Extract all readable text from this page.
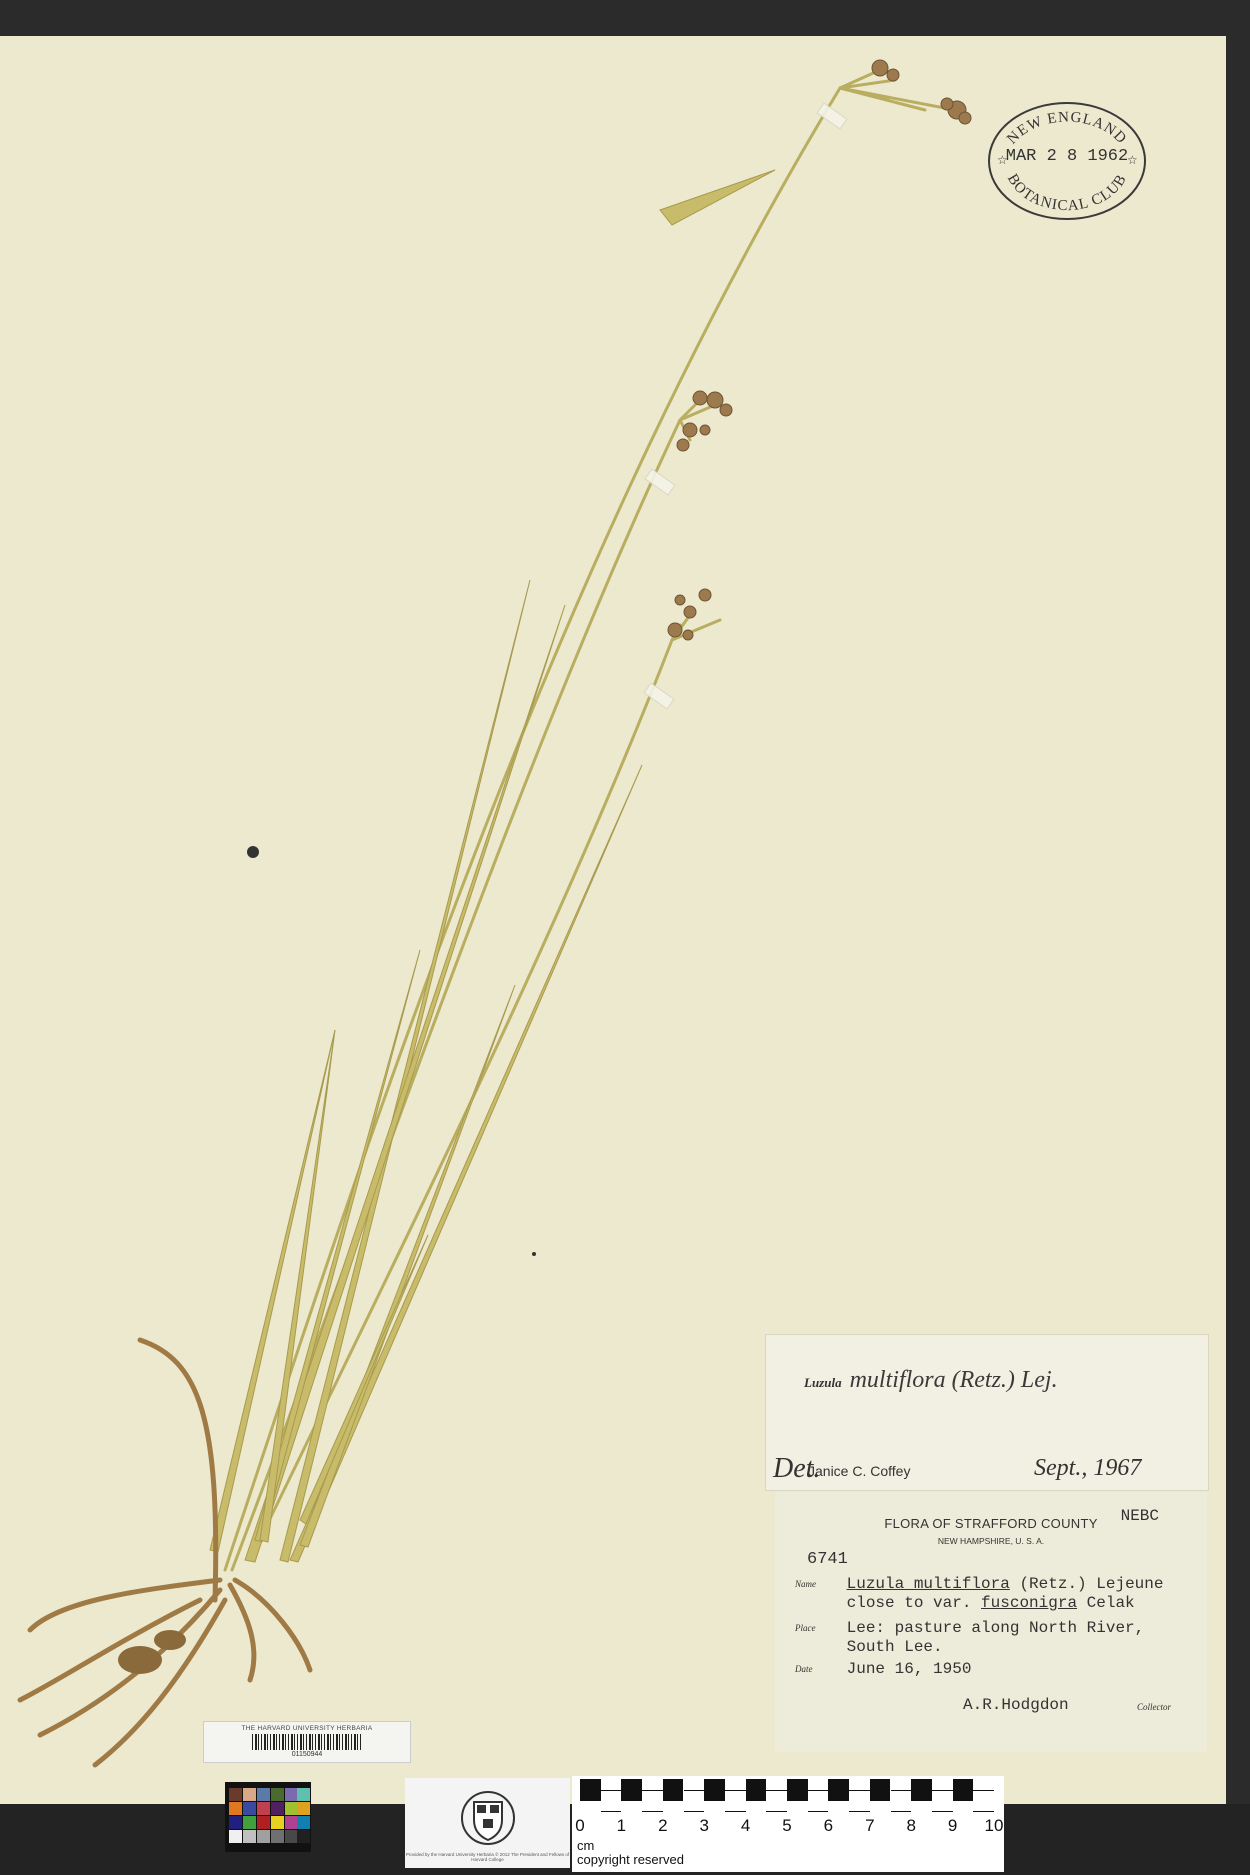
NEW ENGLAND
MAR 2 8 1962
☆	☆
BOTANICAL CLUB
Luzula multiflora (Retz.) Lej.
Det.
Janice C. Coffey	Sept., 1967
NEBC
FLORA OF STRAFFORD COUNTY
NEW HAMPSHIRE, U. S. A.
6741
Name Luzula multiflora (Retz.) Lejeune
close to var. fusconigra Celak
Place Lee: pasture along North River,
South Lee.
Date June 16, 1950
A.R.Hodgdon	Collector
THE HARVARD UNIVERSITY HERBARIA
01150944
Provided by the Harvard University Herbaria © 2012 The President and Fellows of Harvard College
0	1	2	3	4	5	6	7	8	9	10
cm
copyright reserved
